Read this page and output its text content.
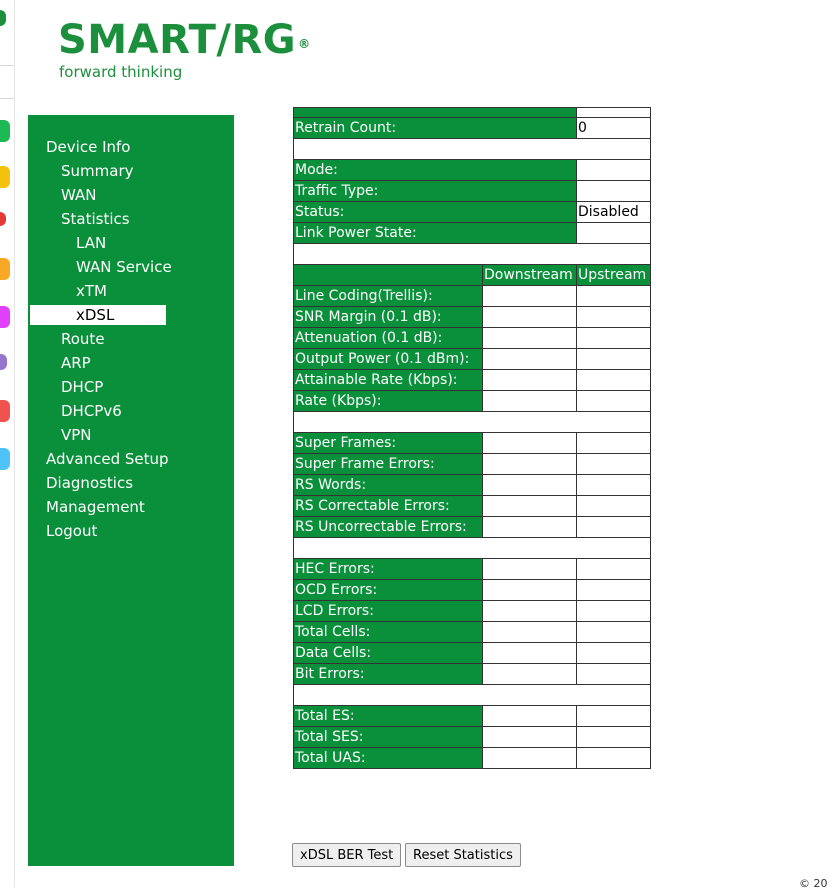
SMART/RG ®
forward thinking
Device Info
Summary
WAN
Statistics
LAN
WAN Service
xTM
xDSL
Route
ARP
DHCP
DHCPv6
VPN
Advanced Setup
Diagnostics
Management
Logout

Retrain Count:		0

Mode:		
Traffic Type:		
Status:		Disabled
Link Power State:		

	Downstream	Upstream
Line Coding(Trellis):		
SNR Margin (0.1 dB):		
Attenuation (0.1 dB):		
Output Power (0.1 dBm):		
Attainable Rate (Kbps):		
Rate (Kbps):		

Super Frames:		
Super Frame Errors:		
RS Words:		
RS Correctable Errors:		
RS Uncorrectable Errors:		

HEC Errors:		
OCD Errors:		
LCD Errors:		
Total Cells:		
Data Cells:		
Bit Errors:		

Total ES:		
Total SES:		
Total UAS:		
xDSL BER Test	Reset Statistics
© 20
